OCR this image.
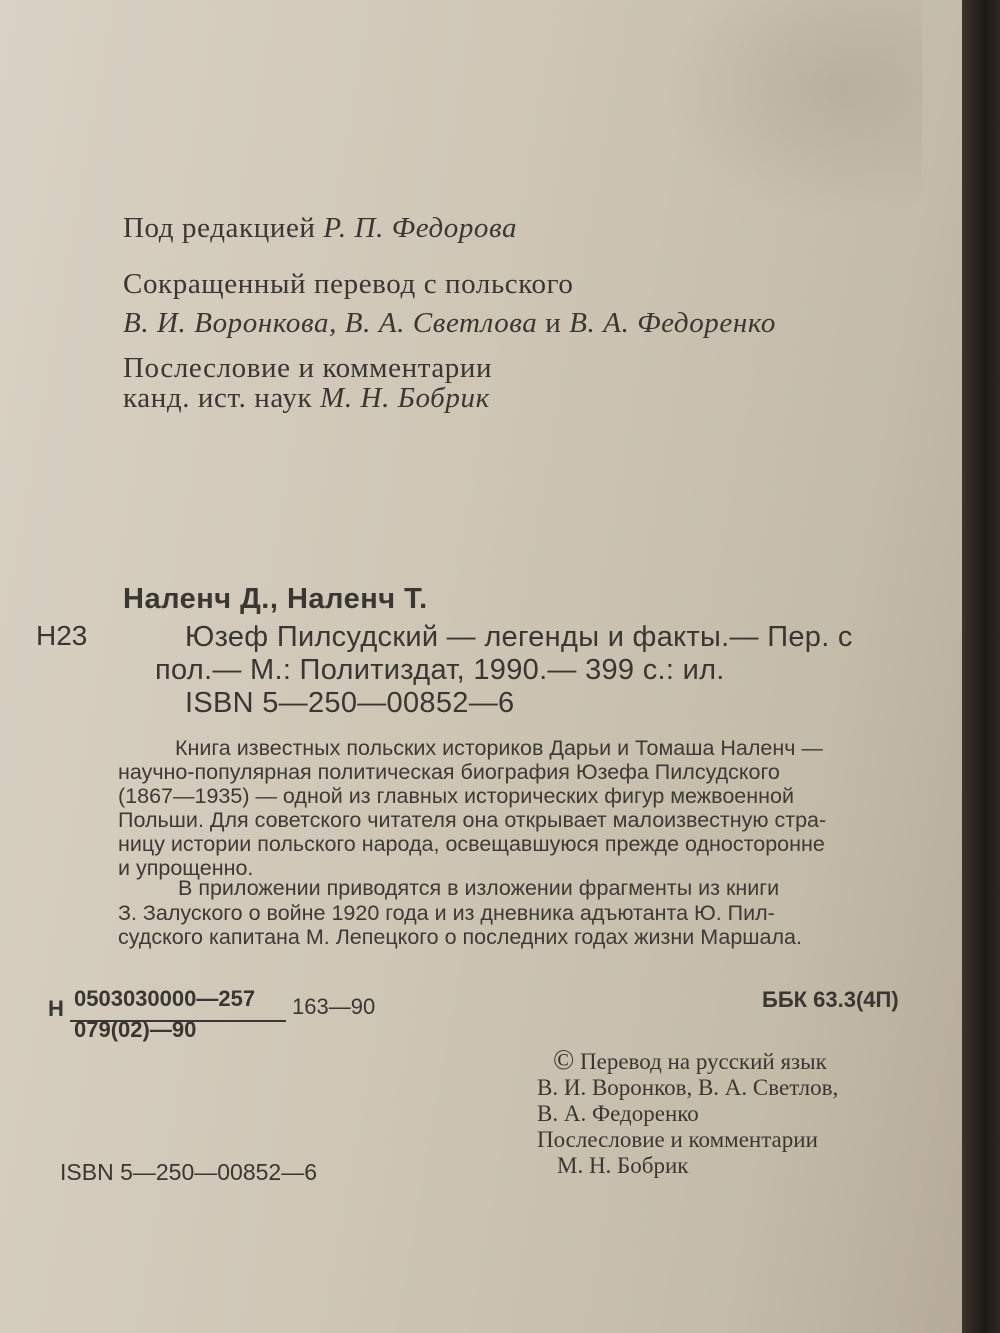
Под редакцией Р. П. Федорова
Сокращенный перевод с польского
В. И. Воронкова, В. А. Светлова и В. А. Федоренко
Послесловие и комментарии
канд. ист. наук М. Н. Бобрик
Наленч Д., Наленч Т.
Н23	Юзеф Пилсудский — легенды и факты.— Пер. с
пол.— М.: Политиздат, 1990.— 399 с.: ил.
ISBN 5—250—00852—6
Книга известных польских историков Дарьи и Томаша Наленч —
научно-популярная политическая биография Юзефа Пилсудского
(1867—1935) — одной из главных исторических фигур межвоенной
Польши. Для советского читателя она открывает малоизвестную стра-
ницу истории польского народа, освещавшуюся прежде одностороннe
и упрощенно.
В приложении приводятся в изложении фрагменты из книги
З. Залуского о войне 1920 года и из дневника адъютанта Ю. Пил-
судского капитана М. Лепецкого о последних годах жизни Маршала.
Н 0503030000—257
079(02)—90
163—90	ББК 63.3(4П)
© Перевод на русский язык
В. И. Воронков, В. А. Светлов,
В. А. Федоренко
Послесловие и комментарии
М. Н. Бобрик
ISBN 5—250—00852—6
